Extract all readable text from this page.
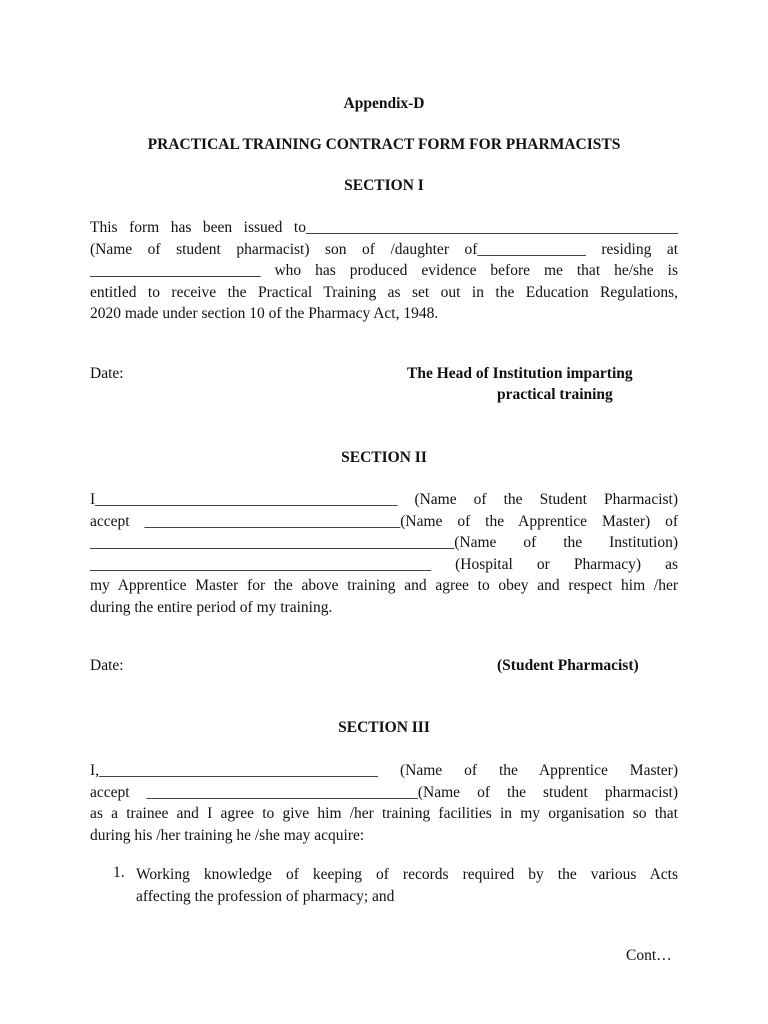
Appendix-D

PRACTICAL TRAINING CONTRACT FORM FOR PHARMACISTS

SECTION I

This form has been issued to________________________________________________
(Name of student pharmacist) son of /daughter of______________ residing at
______________________ who has produced evidence before me that he/she is
entitled to receive the Practical Training as set out in the Education Regulations,
2020 made under section 10 of the Pharmacy Act, 1948.

Date:	The Head of Institution imparting

practical training

SECTION II

I_______________________________________ (Name of the Student Pharmacist)
accept _________________________________(Name of the Apprentice Master) of
_______________________________________________(Name of the Institution)
____________________________________________ (Hospital or Pharmacy) as
my Apprentice Master for the above training and agree to obey and respect him /her
during the entire period of my training.

Date:	(Student Pharmacist)

SECTION III

I,____________________________________ (Name of the Apprentice Master)
accept ___________________________________(Name of the student pharmacist)
as a trainee and I agree to give him /her training facilities in my organisation so that
during his /her training he /she may acquire:

1. Working knowledge of keeping of records required by the various Acts
affecting the profession of pharmacy; and

Cont…
